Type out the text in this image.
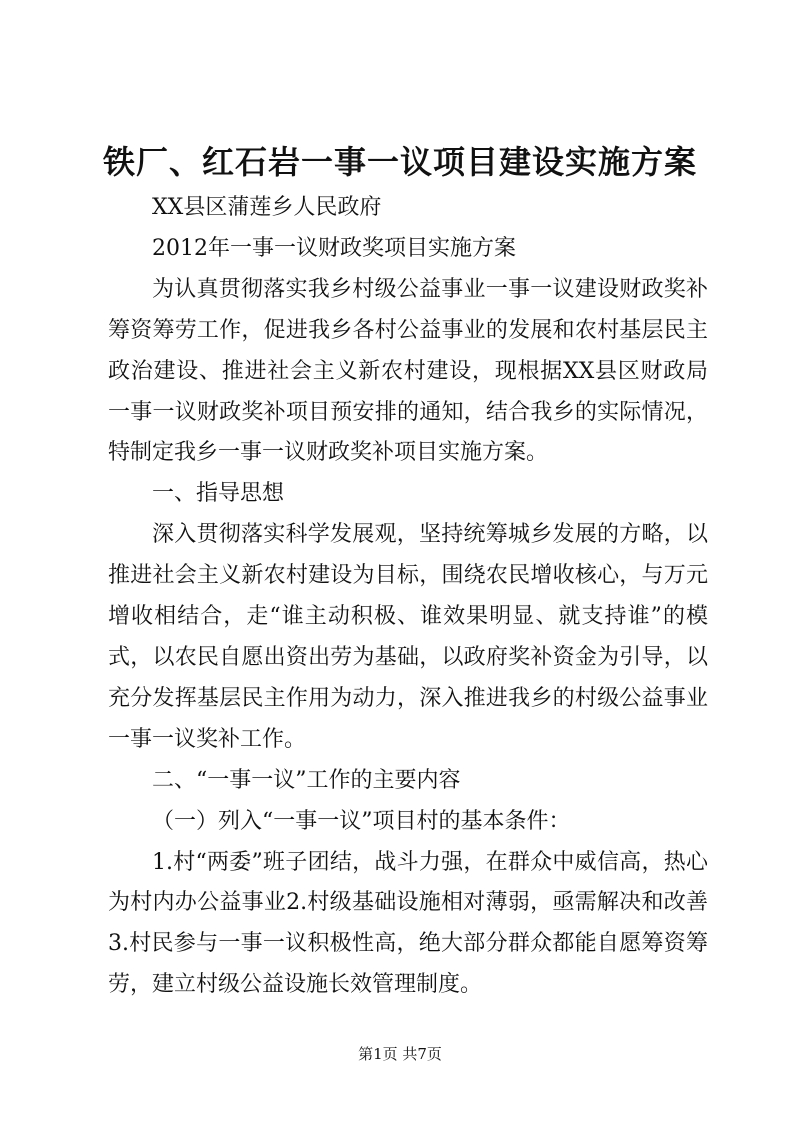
铁厂、红石岩一事一议项目建设实施方案

XX县区蒲莲乡人民政府

2012年一事一议财政奖项目实施方案

为认真贯彻落实我乡村级公益事业一事一议建设财政奖补筹资筹劳工作，促进我乡各村公益事业的发展和农村基层民主政治建设、推进社会主义新农村建设，现根据XX县区财政局一事一议财政奖补项目预安排的通知，结合我乡的实际情况，特制定我乡一事一议财政奖补项目实施方案。

一、指导思想

深入贯彻落实科学发展观，坚持统筹城乡发展的方略，以推进社会主义新农村建设为目标，围绕农民增收核心，与万元增收相结合，走“谁主动积极、谁效果明显、就支持谁”的模式，以农民自愿出资出劳为基础，以政府奖补资金为引导，以充分发挥基层民主作用为动力，深入推进我乡的村级公益事业一事一议奖补工作。

二、“一事一议”工作的主要内容

（一）列入“一事一议”项目村的基本条件：

1.村“两委”班子团结，战斗力强，在群众中威信高，热心为村内办公益事业2.村级基础设施相对薄弱，亟需解决和改善3.村民参与一事一议积极性高，绝大部分群众都能自愿筹资筹劳，建立村级公益设施长效管理制度。

第1页 共7页
